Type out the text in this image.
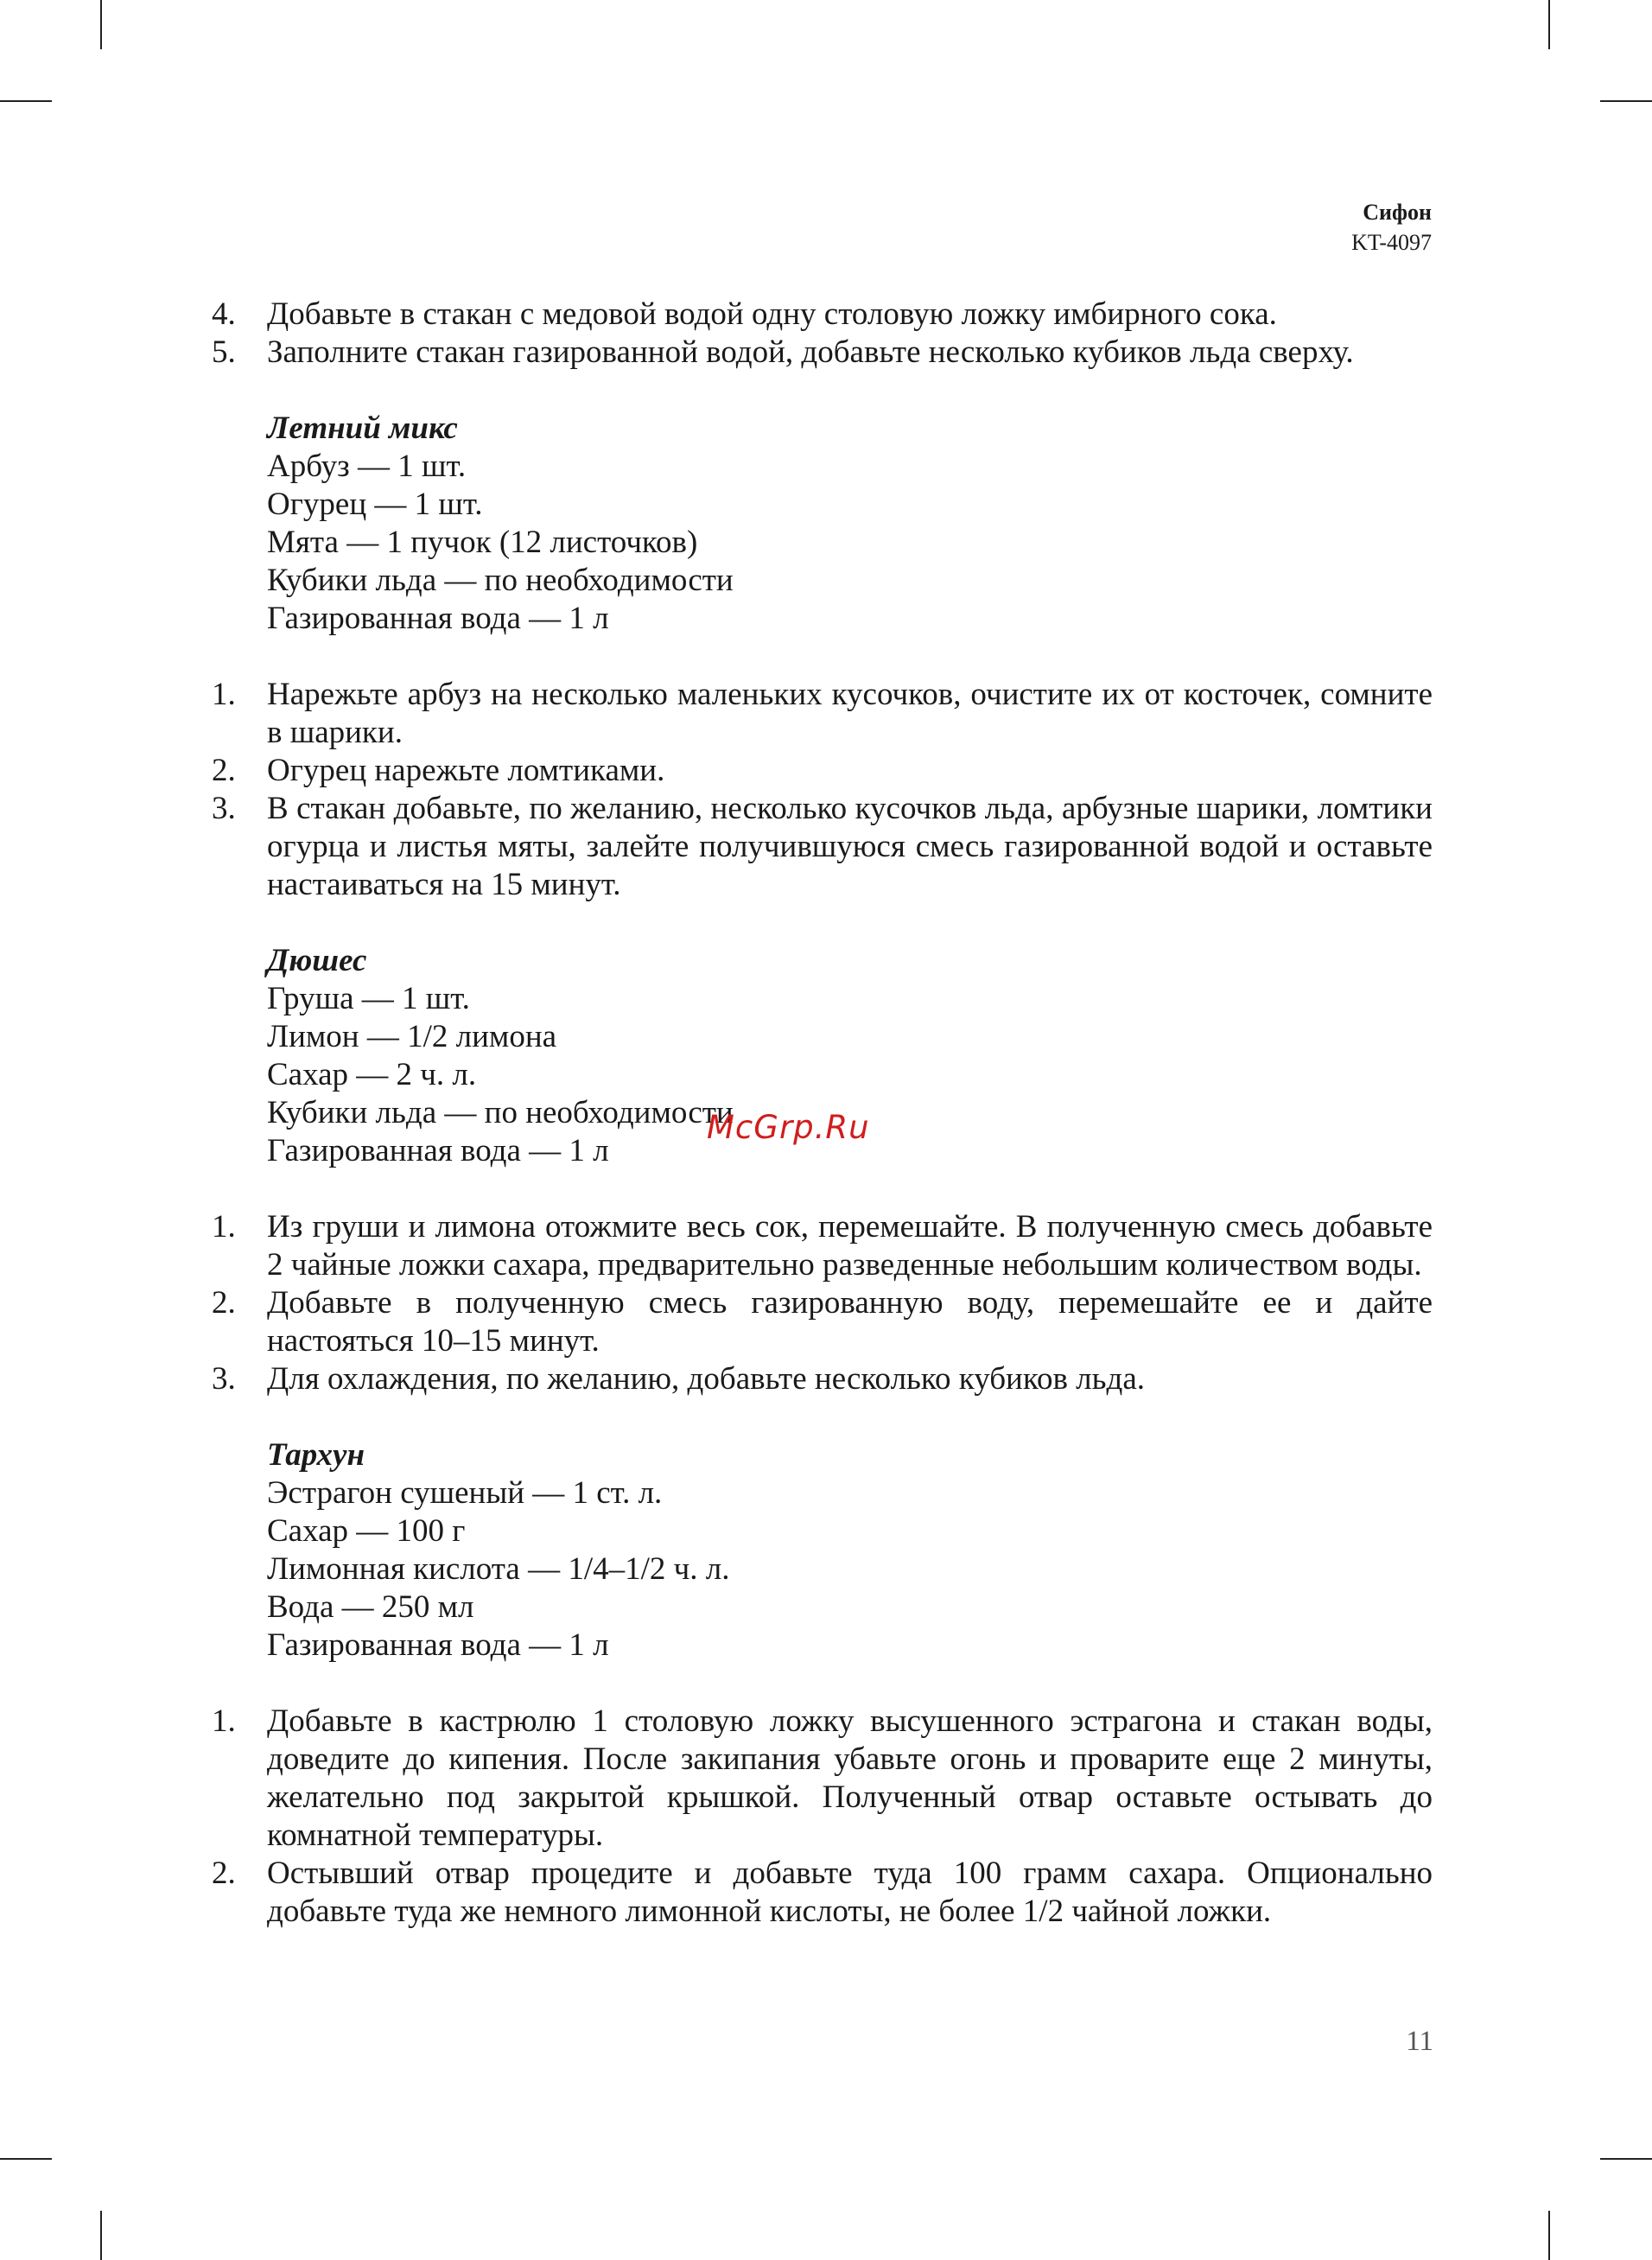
Сифон
KT-4097
4. Добавьте в стакан с медовой водой одну столовую ложку имбирного сока.
5. Заполните стакан газированной водой, добавьте несколько кубиков льда сверху.
Летний микс
Арбуз — 1 шт.
Огурец — 1 шт.
Мята — 1 пучок (12 листочков)
Кубики льда — по необходимости
Газированная вода — 1 л
1. Нарежьте арбуз на несколько маленьких кусочков, очистите их от косточек, сомните в шарики.
2. Огурец нарежьте ломтиками.
3. В стакан добавьте, по желанию, несколько кусочков льда, арбузные шарики, ломтики огурца и листья мяты, залейте получившуюся смесь газированной водой и оставьте настаиваться на 15 минут.
Дюшес
Груша — 1 шт.
Лимон — 1/2 лимона
Сахар — 2 ч. л.
Кубики льда — по необходимости
Газированная вода — 1 л
1. Из груши и лимона отожмите весь сок, перемешайте. В полученную смесь добавьте 2 чайные ложки сахара, предварительно разведенные небольшим количеством воды.
2. Добавьте в полученную смесь газированную воду, перемешайте ее и дайте настояться 10–15 минут.
3. Для охлаждения, по желанию, добавьте несколько кубиков льда.
Тархун
Эстрагон сушеный — 1 ст. л.
Сахар — 100 г
Лимонная кислота — 1/4–1/2 ч. л.
Вода — 250 мл
Газированная вода — 1 л
1. Добавьте в кастрюлю 1 столовую ложку высушенного эстрагона и стакан воды, доведите до кипения. После закипания убавьте огонь и проварите еще 2 минуты, желательно под закрытой крышкой. Полученный отвар оставьте остывать до комнатной температуры.
2. Остывший отвар процедите и добавьте туда 100 грамм сахара. Опционально добавьте туда же немного лимонной кислоты, не более 1/2 чайной ложки.
McGrp.Ru
11
